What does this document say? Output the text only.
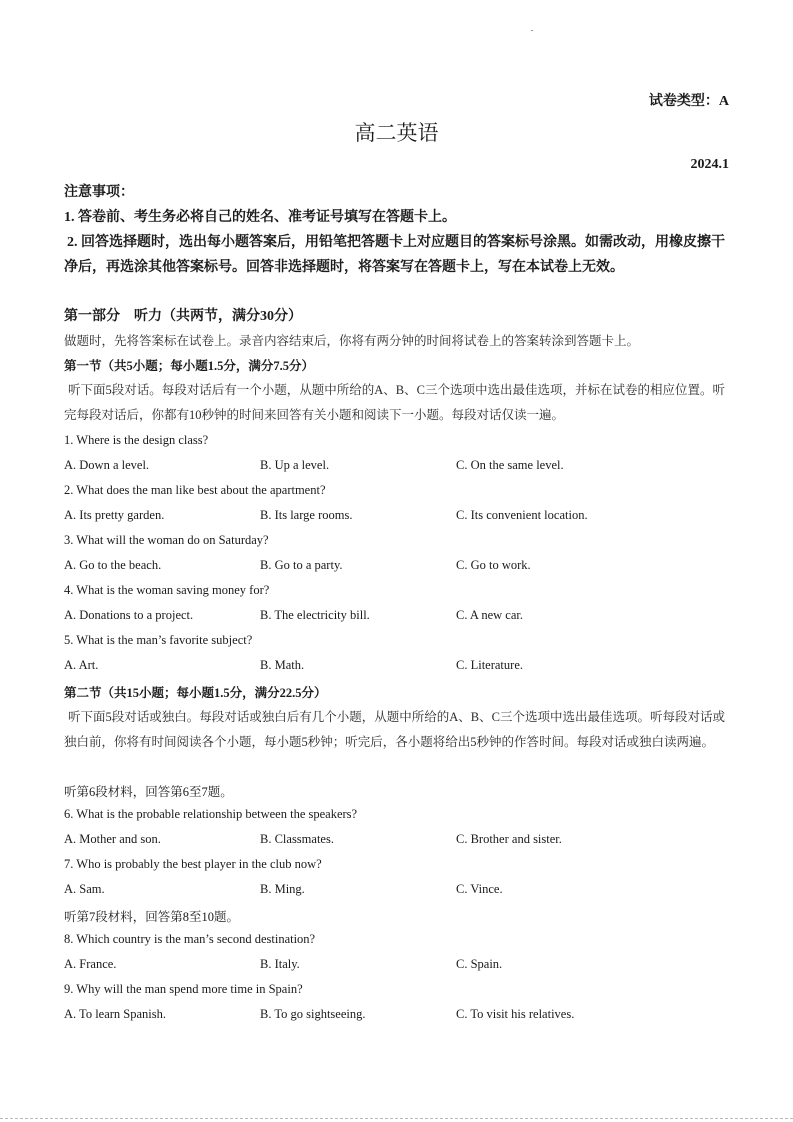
试卷类型：A
高二英语
2024.1
注意事项：
1. 答卷前、考生务必将自己的姓名、准考证号填写在答题卡上。
2. 回答选择题时，选出每小题答案后，用铅笔把答题卡上对应题目的答案标号涂黑。如需改动，用橡皮擦干净后，再选涂其他答案标号。回答非选择题时，将答案写在答题卡上，写在本试卷上无效。
第一部分　听力（共两节，满分30分）
做题时，先将答案标在试卷上。录音内容结束后，你将有两分钟的时间将试卷上的答案转涂到答题卡上。
第一节（共5小题；每小题1.5分，满分7.5分）
听下面5段对话。每段对话后有一个小题，从题中所给的A、B、C三个选项中选出最佳选项，并标在试卷的相应位置。听完每段对话后，你都有10秒钟的时间来回答有关小题和阅读下一小题。每段对话仅读一遍。
1. Where is the design class?
A. Down a level.	B. Up a level.	C. On the same level.
2. What does the man like best about the apartment?
A. Its pretty garden.	B. Its large rooms.	C. Its convenient location.
3. What will the woman do on Saturday?
A. Go to the beach.	B. Go to a party.	C. Go to work.
4. What is the woman saving money for?
A. Donations to a project.	B. The electricity bill.	C. A new car.
5. What is the man’s favorite subject?
A. Art.	B. Math.	C. Literature.
第二节（共15小题；每小题1.5分，满分22.5分）
听下面5段对话或独白。每段对话或独白后有几个小题，从题中所给的A、B、C三个选项中选出最佳选项。听每段对话或独白前，你将有时间阅读各个小题，每小题5秒钟；听完后，各小题将给出5秒钟的作答时间。每段对话或独白读两遍。
听第6段材料，回答第6至7题。
6. What is the probable relationship between the speakers?
A. Mother and son.	B. Classmates.	C. Brother and sister.
7. Who is probably the best player in the club now?
A. Sam.	B. Ming.	C. Vince.
听第7段材料，回答第8至10题。
8. Which country is the man’s second destination?
A. France.	B. Italy.	C. Spain.
9. Why will the man spend more time in Spain?
A. To learn Spanish.	B. To go sightseeing.	C. To visit his relatives.
